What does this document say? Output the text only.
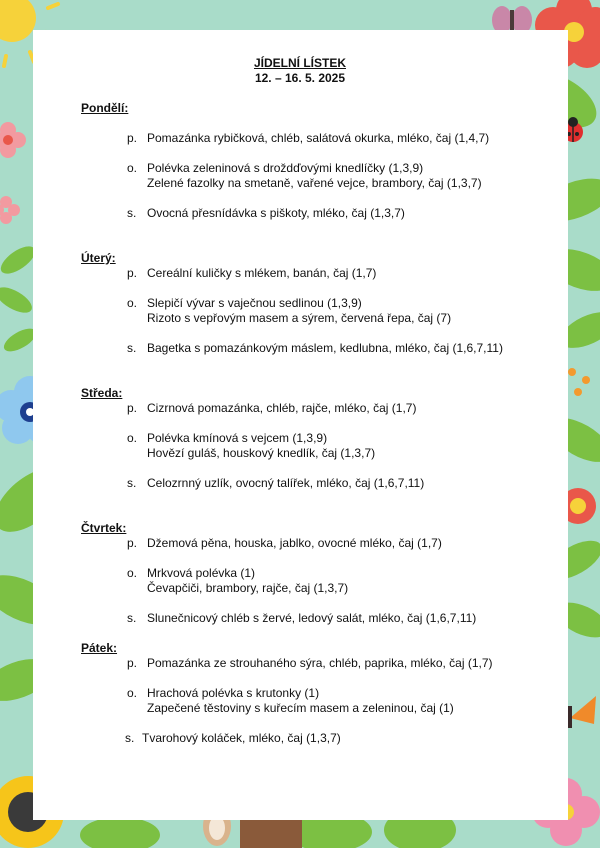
JÍDELNÍ LÍSTEK
12. – 16. 5. 2025
Pondělí:
p. Pomazánka rybičková, chléb, salátová okurka, mléko, čaj (1,4,7)
o. Polévka zeleninová s droždďovými knedlíčky (1,3,9)
Zelené fazolky na smetaně, vařené vejce, brambory, čaj (1,3,7)
s. Ovocná přesnídávka s piškoty, mléko, čaj (1,3,7)
Úterý:
p. Cereální kuličky s mlékem, banán, čaj (1,7)
o. Slepičí vývar s vaječnou sedlinou (1,3,9)
Rizoto s vepřovým masem a sýrem, červená řepa, čaj (7)
s. Bagetka s pomazánkovým máslem, kedlubna, mléko, čaj (1,6,7,11)
Středa:
p. Cizrnová pomazánka, chléb, rajče, mléko, čaj (1,7)
o. Polévka kmínová s vejcem (1,3,9)
Hovězí guláš, houskový knedlík, čaj (1,3,7)
s. Celozrnný uzlík, ovocný talířek, mléko, čaj (1,6,7,11)
Čtvrtek:
p. Džemová pěna, houska, jablko, ovocné mléko, čaj (1,7)
o. Mrkvová polévka (1)
Čevapčiči, brambory, rajče, čaj (1,3,7)
s. Slunečnicový chléb s žervé, ledový salát, mléko, čaj (1,6,7,11)
Pátek:
p. Pomazánka ze strouhaného sýra, chléb, paprika, mléko, čaj (1,7)
o. Hrachová polévka s krutonky (1)
Zapečené těstoviny s kuřecím masem a zeleninou, čaj (1)
s. Tvarohový koláček, mléko, čaj (1,3,7)
